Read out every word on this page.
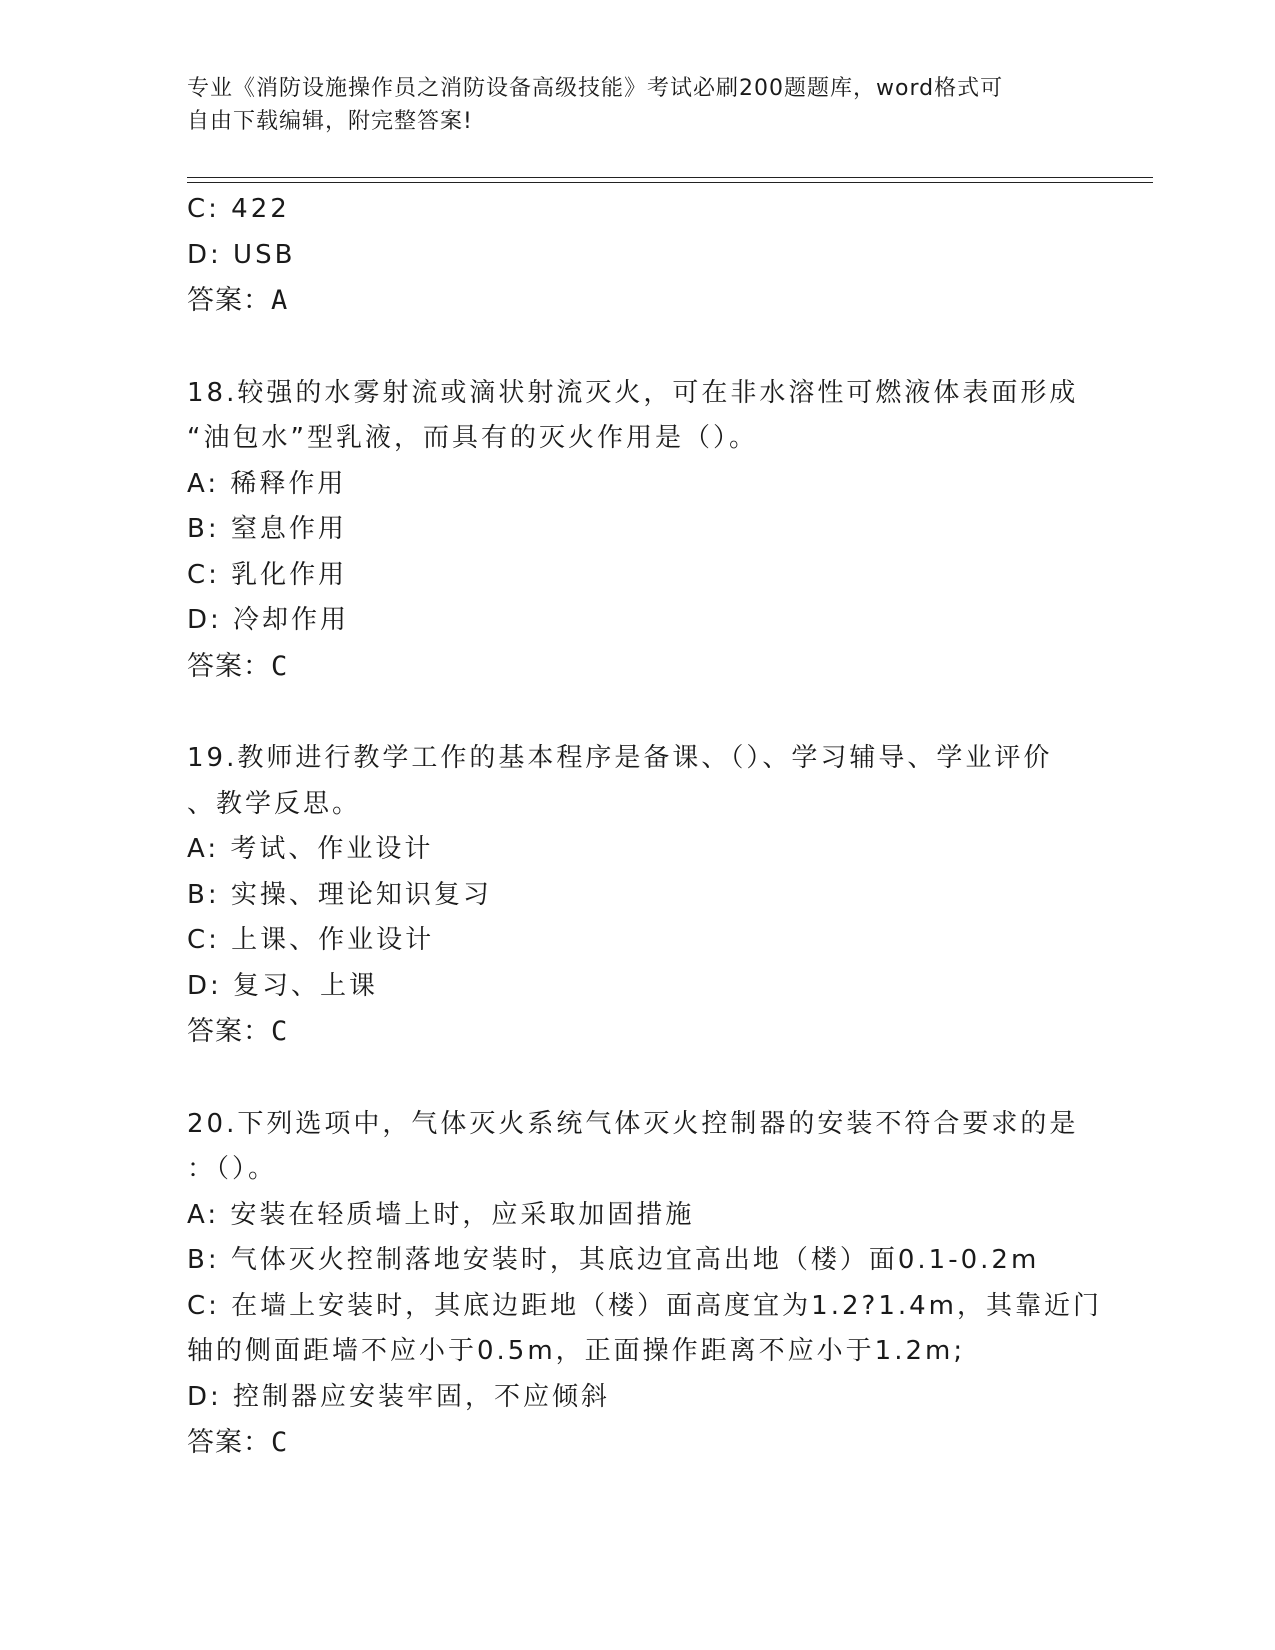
专业《消防设施操作员之消防设备高级技能》考试必刷200题题库，word格式可
自由下载编辑，附完整答案!
C: 422
D: USB
答案：A
18.较强的水雾射流或滴状射流灭火，可在非水溶性可燃液体表面形成
“油包水”型乳液，而具有的灭火作用是（）。
A: 稀释作用
B: 窒息作用
C: 乳化作用
D: 冷却作用
答案：C
19.教师进行教学工作的基本程序是备课、（）、学习辅导、学业评价
、教学反思。
A: 考试、作业设计
B: 实操、理论知识复习
C: 上课、作业设计
D: 复习、上课
答案：C
20.下列选项中，气体灭火系统气体灭火控制器的安装不符合要求的是
：（）。
A: 安装在轻质墙上时，应采取加固措施
B: 气体灭火控制落地安装时，其底边宜高出地（楼）面0.1-0.2m
C: 在墙上安装时，其底边距地（楼）面高度宜为1.2?1.4m，其靠近门
轴的侧面距墙不应小于0.5m，正面操作距离不应小于1.2m;
D: 控制器应安装牢固，不应倾斜
答案：C
